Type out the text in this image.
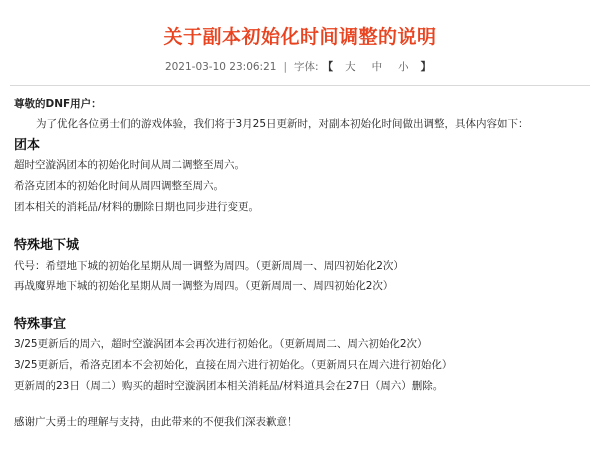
关于副本初始化时间调整的说明
2021-03-10 23:06:21 | 字体: 【 大 中 小 】
尊敬的DNF用户：
为了优化各位勇士们的游戏体验，我们将于3月25日更新时，对副本初始化时间做出调整，具体内容如下：
团本
超时空漩涡团本的初始化时间从周二调整至周六。
希洛克团本的初始化时间从周四调整至周六。
团本相关的消耗品/材料的删除日期也同步进行变更。
特殊地下城
代号：希望地下城的初始化星期从周一调整为周四。（更新周周一、周四初始化2次）
再战魔界地下城的初始化星期从周一调整为周四。（更新周周一、周四初始化2次）
特殊事宜
3/25更新后的周六，超时空漩涡团本会再次进行初始化。（更新周周二、周六初始化2次）
3/25更新后，希洛克团本不会初始化，直接在周六进行初始化。（更新周只在周六进行初始化）
更新周的23日（周二）购买的超时空漩涡团本相关消耗品/材料道具会在27日（周六）删除。
感谢广大勇士的理解与支持，由此带来的不便我们深表歉意！
